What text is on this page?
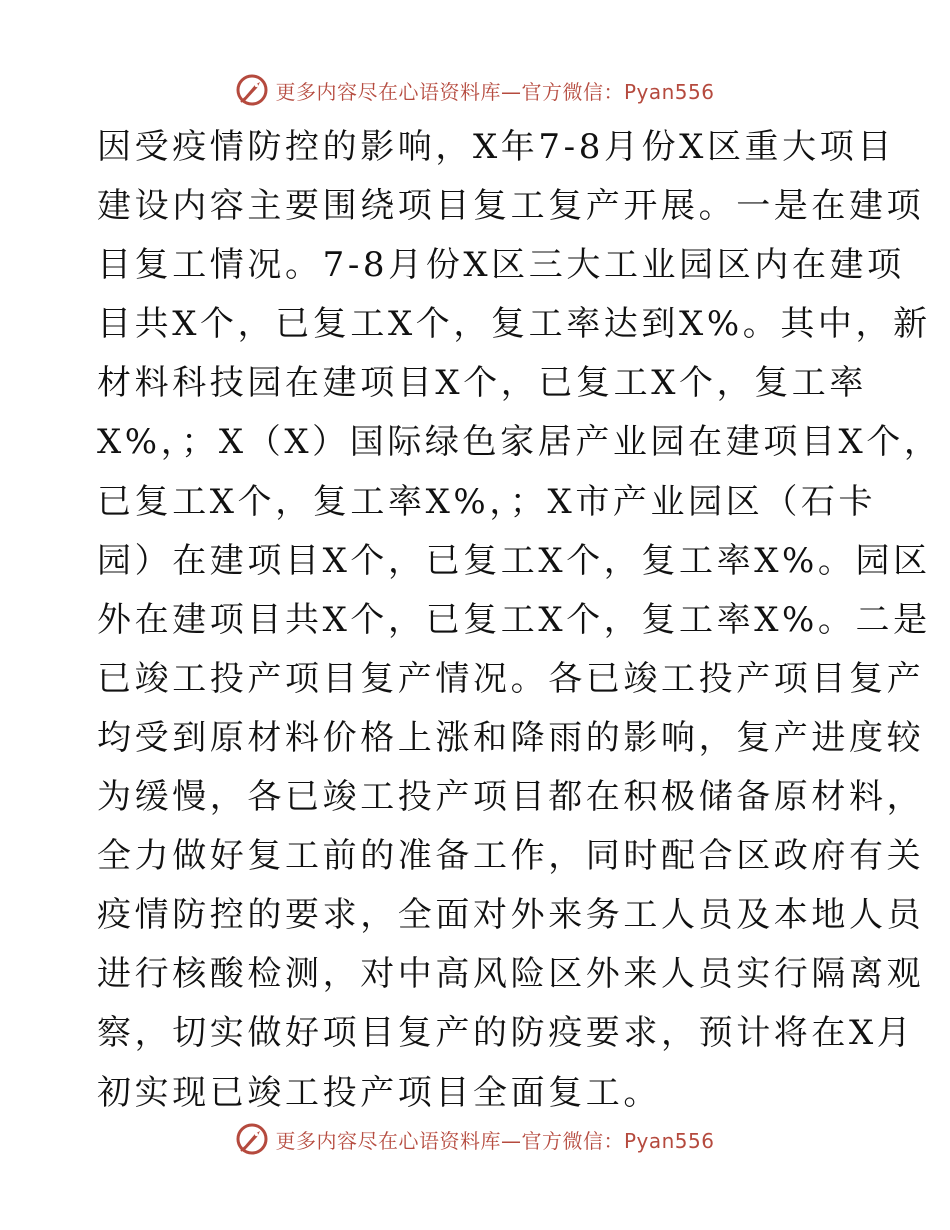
更多内容尽在心语资料库—官方微信：Pyan556
因受疫情防控的影响，X年7-8月份X区重大项目
建设内容主要围绕项目复工复产开展。一是在建项
目复工情况。7-8月份X区三大工业园区内在建项
目共X个，已复工X个，复工率达到X%。其中，新
材料科技园在建项目X个，已复工X个，复工率
X%，；X（X）国际绿色家居产业园在建项目X个，
已复工X个，复工率X%，；X市产业园区（石卡
园）在建项目X个，已复工X个，复工率X%。园区
外在建项目共X个，已复工X个，复工率X%。二是
已竣工投产项目复产情况。各已竣工投产项目复产
均受到原材料价格上涨和降雨的影响，复产进度较
为缓慢，各已竣工投产项目都在积极储备原材料，
全力做好复工前的准备工作，同时配合区政府有关
疫情防控的要求，全面对外来务工人员及本地人员
进行核酸检测，对中高风险区外来人员实行隔离观
察，切实做好项目复产的防疫要求，预计将在X月
初实现已竣工投产项目全面复工。
更多内容尽在心语资料库—官方微信：Pyan556
